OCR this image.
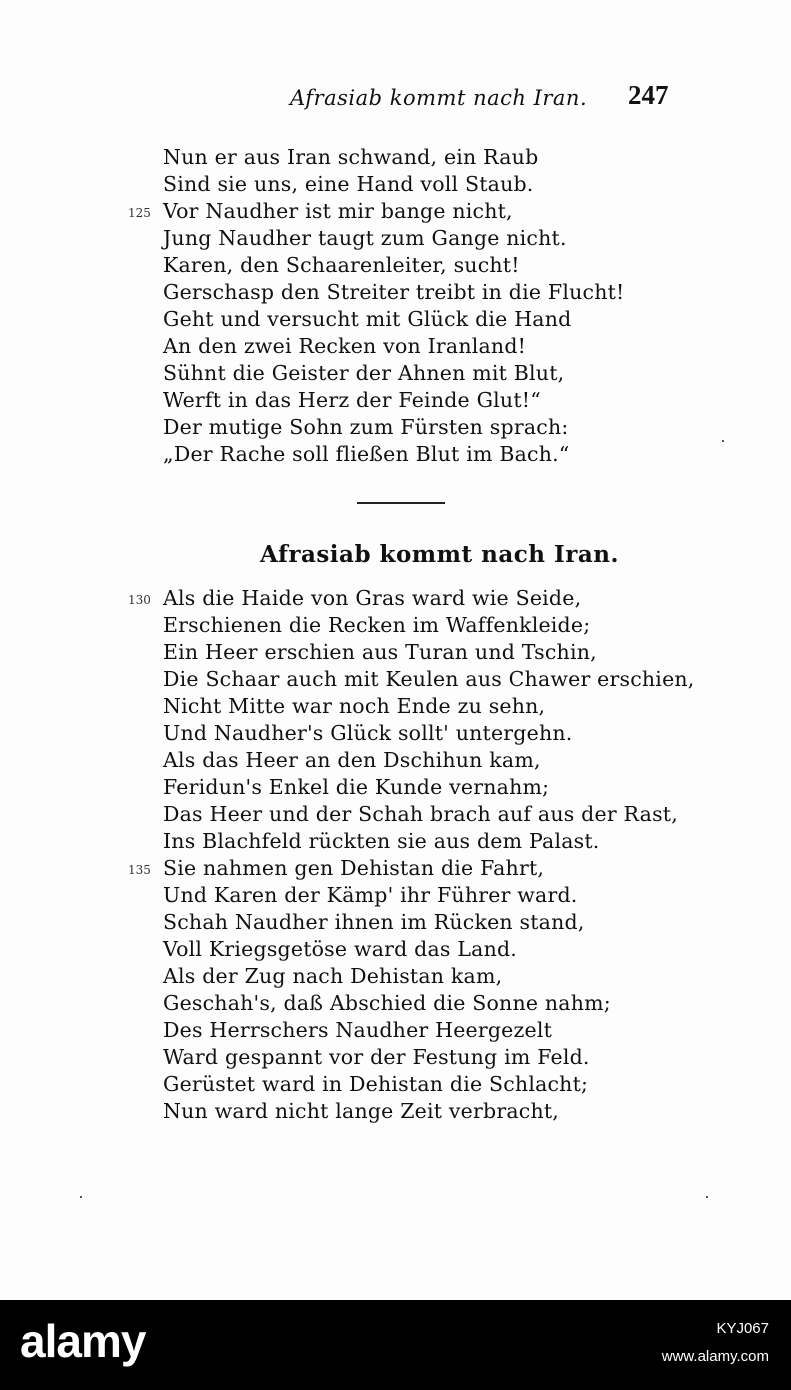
Afrasiab kommt nach Iran. 247
Nun er aus Iran schwand, ein Raub
Sind sie uns, eine Hand voll Staub.
125 Vor Naudher ist mir bange nicht,
Jung Naudher taugt zum Gange nicht.
Karen, den Schaarenleiter, sucht!
Gerschasp den Streiter treibt in die Flucht!
Geht und versucht mit Glück die Hand
An den zwei Recken von Iranland!
Sühnt die Geister der Ahnen mit Blut,
Werft in das Herz der Feinde Glut!“
Der mutige Sohn zum Fürsten sprach:
„Der Rache soll fließen Blut im Bach.“
Afrasiab kommt nach Iran.
130 Als die Haide von Gras ward wie Seide,
Erschienen die Recken im Waffenkleide;
Ein Heer erschien aus Turan und Tschin,
Die Schaar auch mit Keulen aus Chawer erschien,
Nicht Mitte war noch Ende zu sehn,
Und Naudher's Glück sollt' untergehn.
Als das Heer an den Dschihun kam,
Feridun's Enkel die Kunde vernahm;
Das Heer und der Schah brach auf aus der Rast,
Ins Blachfeld rückten sie aus dem Palast.
135 Sie nahmen gen Dehistan die Fahrt,
Und Karen der Kämp' ihr Führer ward.
Schah Naudher ihnen im Rücken stand,
Voll Kriegsgetöse ward das Land.
Als der Zug nach Dehistan kam,
Geschah's, daß Abschied die Sonne nahm;
Des Herrschers Naudher Heergezelt
Ward gespannt vor der Festung im Feld.
Gerüstet ward in Dehistan die Schlacht;
Nun ward nicht lange Zeit verbracht,
alamy	KYJ067
www.alamy.com
